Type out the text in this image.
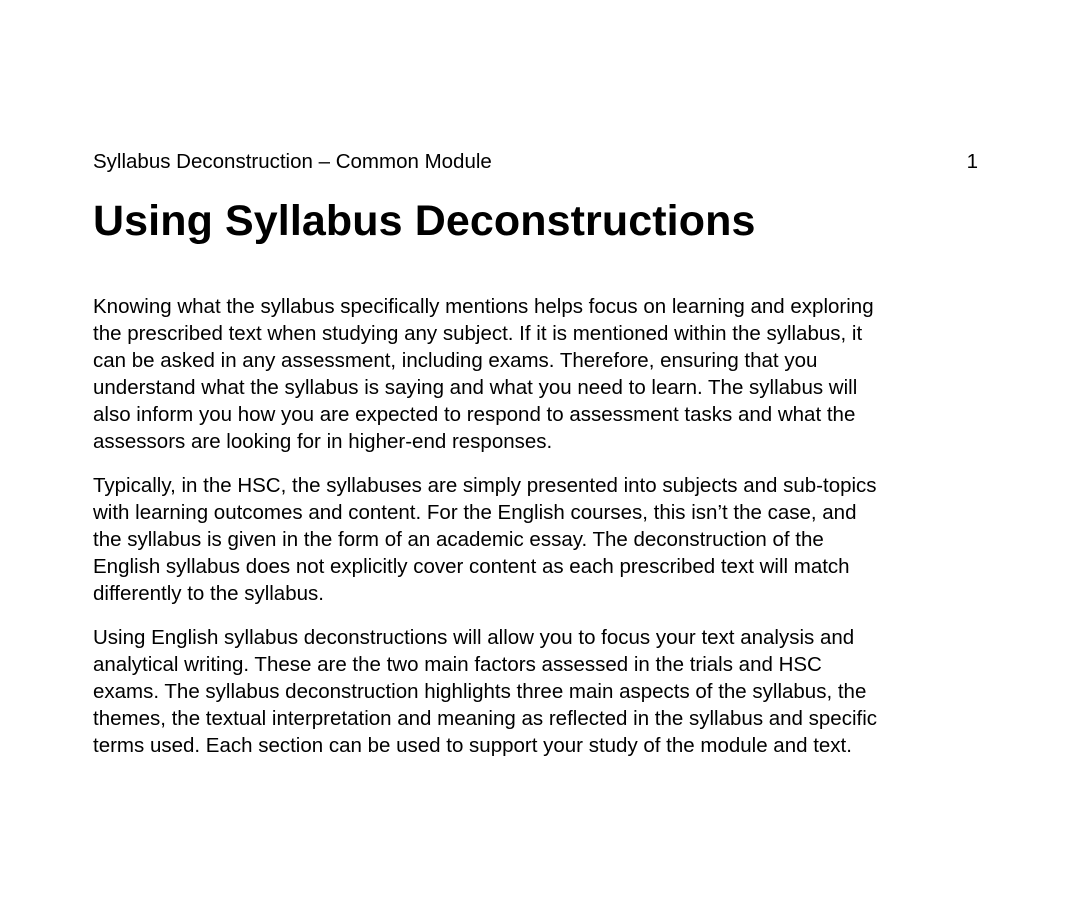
Syllabus Deconstruction – Common Module	1
Using Syllabus Deconstructions

Knowing what the syllabus specifically mentions helps focus on learning and exploring
the prescribed text when studying any subject. If it is mentioned within the syllabus, it
can be asked in any assessment, including exams. Therefore, ensuring that you
understand what the syllabus is saying and what you need to learn. The syllabus will
also inform you how you are expected to respond to assessment tasks and what the
assessors are looking for in higher-end responses.

Typically, in the HSC, the syllabuses are simply presented into subjects and sub-topics
with learning outcomes and content. For the English courses, this isn’t the case, and
the syllabus is given in the form of an academic essay. The deconstruction of the
English syllabus does not explicitly cover content as each prescribed text will match
differently to the syllabus.

Using English syllabus deconstructions will allow you to focus your text analysis and
analytical writing. These are the two main factors assessed in the trials and HSC
exams. The syllabus deconstruction highlights three main aspects of the syllabus, the
themes, the textual interpretation and meaning as reflected in the syllabus and specific
terms used. Each section can be used to support your study of the module and text.
